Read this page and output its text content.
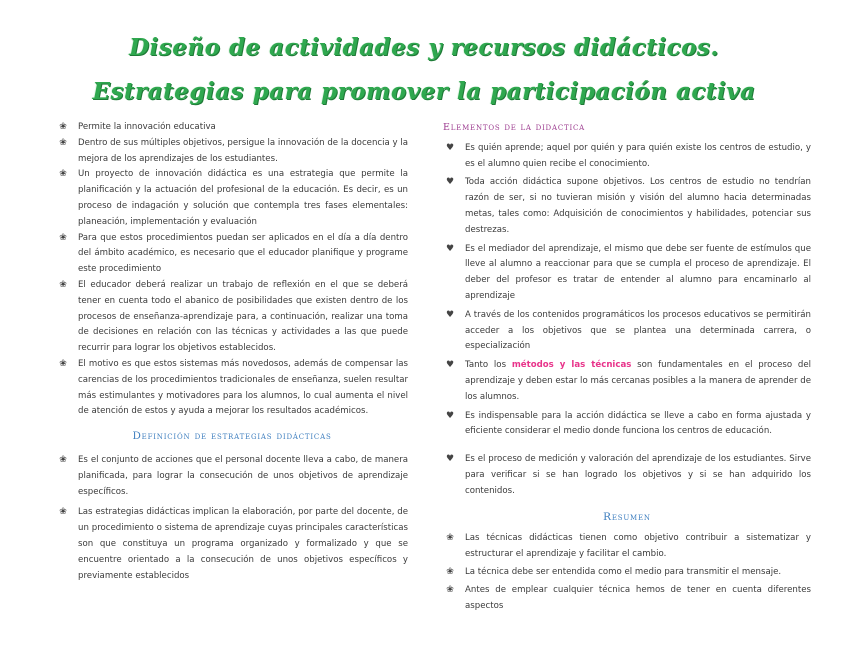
Diseño de actividades y recursos didácticos.
Estrategias para promover la participación activa
❀	Permite la innovación educativa
❀	Dentro de sus múltiples objetivos, persigue la innovación de la docencia y la mejora de los aprendizajes de los estudiantes.
❀	Un proyecto de innovación didáctica es una estrategia que permite la planificación y la actuación del profesional de la educación. Es decir, es un proceso de indagación y solución que contempla tres fases elementales: planeación, implementación y evaluación
❀	Para que estos procedimientos puedan ser aplicados en el día a día dentro del ámbito académico, es necesario que el educador planifique y programe este procedimiento
❀	El educador deberá realizar un trabajo de reflexión en el que se deberá tener en cuenta todo el abanico de posibilidades que existen dentro de los procesos de enseñanza-aprendizaje para, a continuación, realizar una toma de decisiones en relación con las técnicas y actividades a las que puede recurrir para lograr los objetivos establecidos.
❀	El motivo es que estos sistemas más novedosos, además de compensar las carencias de los procedimientos tradicionales de enseñanza, suelen resultar más estimulantes y motivadores para los alumnos, lo cual aumenta el nivel de atención de estos y ayuda a mejorar los resultados académicos.
Definición de estrategias didácticas
❀	Es el conjunto de acciones que el personal docente lleva a cabo, de manera planificada, para lograr la consecución de unos objetivos de aprendizaje específicos.
❀	Las estrategias didácticas implican la elaboración, por parte del docente, de un procedimiento o sistema de aprendizaje cuyas principales características son que constituya un programa organizado y formalizado y que se encuentre orientado a la consecución de unos objetivos específicos y previamente establecidos
Elementos de la didactica
♥	Es quién aprende; aquel por quién y para quién existe los centros de estudio, y es el alumno quien recibe el conocimiento.
♥	Toda acción didáctica supone objetivos. Los centros de estudio no tendrían razón de ser, si no tuvieran misión y visión del alumno hacia determinadas metas, tales como: Adquisición de conocimientos y habilidades, potenciar sus destrezas.
♥	Es el mediador del aprendizaje, el mismo que debe ser fuente de estímulos que lleve al alumno a reaccionar para que se cumpla el proceso de aprendizaje. El deber del profesor es tratar de entender al alumno para encaminarlo al aprendizaje
♥	A través de los contenidos programáticos los procesos educativos se permitirán acceder a los objetivos que se plantea una determinada carrera, o especialización
♥	Tanto los métodos y las técnicas son fundamentales en el proceso del aprendizaje y deben estar lo más cercanas posibles a la manera de aprender de los alumnos.
♥	Es indispensable para la acción didáctica se lleve a cabo en forma ajustada y eficiente considerar el medio donde funciona los centros de educación.
♥	Es el proceso de medición y valoración del aprendizaje de los estudiantes. Sirve para verificar si se han logrado los objetivos y si se han adquirido los contenidos.
Resumen
❀	Las técnicas didácticas tienen como objetivo contribuir a sistematizar y estructurar el aprendizaje y facilitar el cambio.
❀	La técnica debe ser entendida como el medio para transmitir el mensaje.
❀	Antes de emplear cualquier técnica hemos de tener en cuenta diferentes aspectos
